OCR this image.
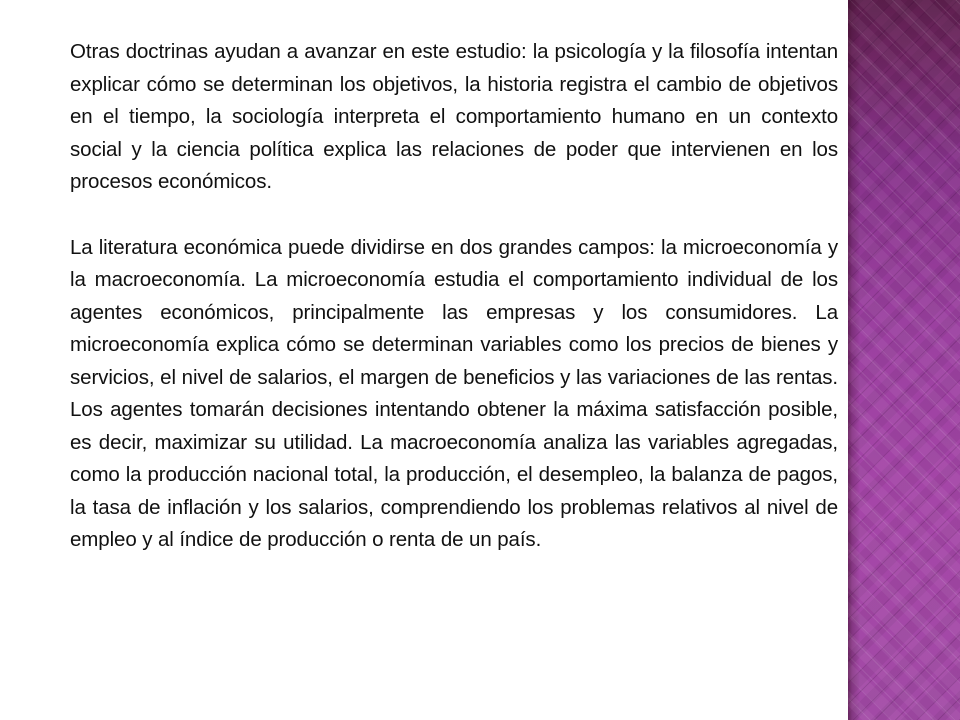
Otras doctrinas ayudan a avanzar en este estudio: la psicología y la filosofía intentan explicar cómo se determinan los objetivos, la historia registra el cambio de objetivos en el tiempo, la sociología interpreta el comportamiento humano en un contexto social y la ciencia política explica las relaciones de poder que intervienen en los procesos económicos.

La literatura económica puede dividirse en dos grandes campos: la microeconomía y la macroeconomía. La microeconomía estudia el comportamiento individual de los agentes económicos, principalmente las empresas y los consumidores. La microeconomía explica cómo se determinan variables como los precios de bienes y servicios, el nivel de salarios, el margen de beneficios y las variaciones de las rentas. Los agentes tomarán decisiones intentando obtener la máxima satisfacción posible, es decir, maximizar su utilidad. La macroeconomía analiza las variables agregadas, como la producción nacional total, la producción, el desempleo, la balanza de pagos, la tasa de inflación y los salarios, comprendiendo los problemas relativos al nivel de empleo y al índice de producción o renta de un país.
